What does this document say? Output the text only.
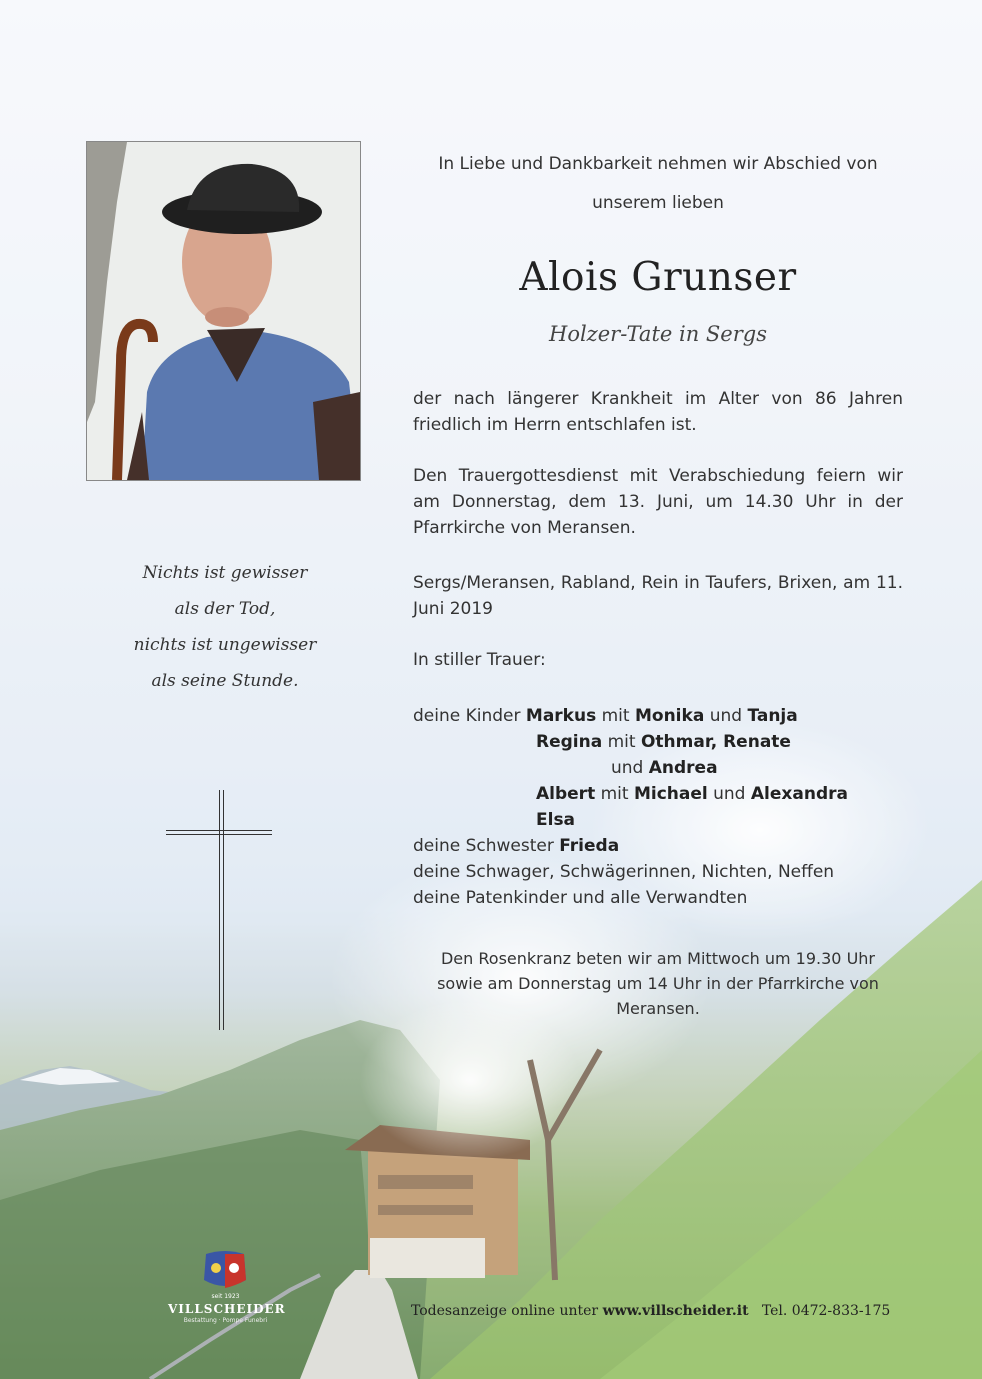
Nichts ist gewisser
als der Tod,
nichts ist ungewisser
als seine Stunde.
In Liebe und Dankbarkeit nehmen wir Abschied von
unserem lieben
Alois Grunser
Holzer-Tate in Sergs
der nach längerer Krankheit im Alter von 86 Jahren friedlich im Herrn entschlafen ist.
Den Trauergottesdienst mit Verabschiedung feiern wir am Donnerstag, dem 13. Juni, um 14.30 Uhr in der Pfarrkirche von Meransen.
Sergs/Meransen, Rabland, Rein in Taufers, Brixen, am 11. Juni 2019
In stiller Trauer:
deine Kinder Markus mit Monika und Tanja
Regina mit Othmar, Renate
und Andrea
Albert mit Michael und Alexandra
Elsa
deine Schwester Frieda
deine Schwager, Schwägerinnen, Nichten, Neffen
deine Patenkinder und alle Verwandten
Den Rosenkranz beten wir am Mittwoch um 19.30 Uhr
sowie am Donnerstag um 14 Uhr in der Pfarrkirche von
Meransen.
seit 1923
VILLSCHEIDER
Bestattung · Pompe Funebri
Todesanzeige online unter www.villscheider.it Tel. 0472-833-175
